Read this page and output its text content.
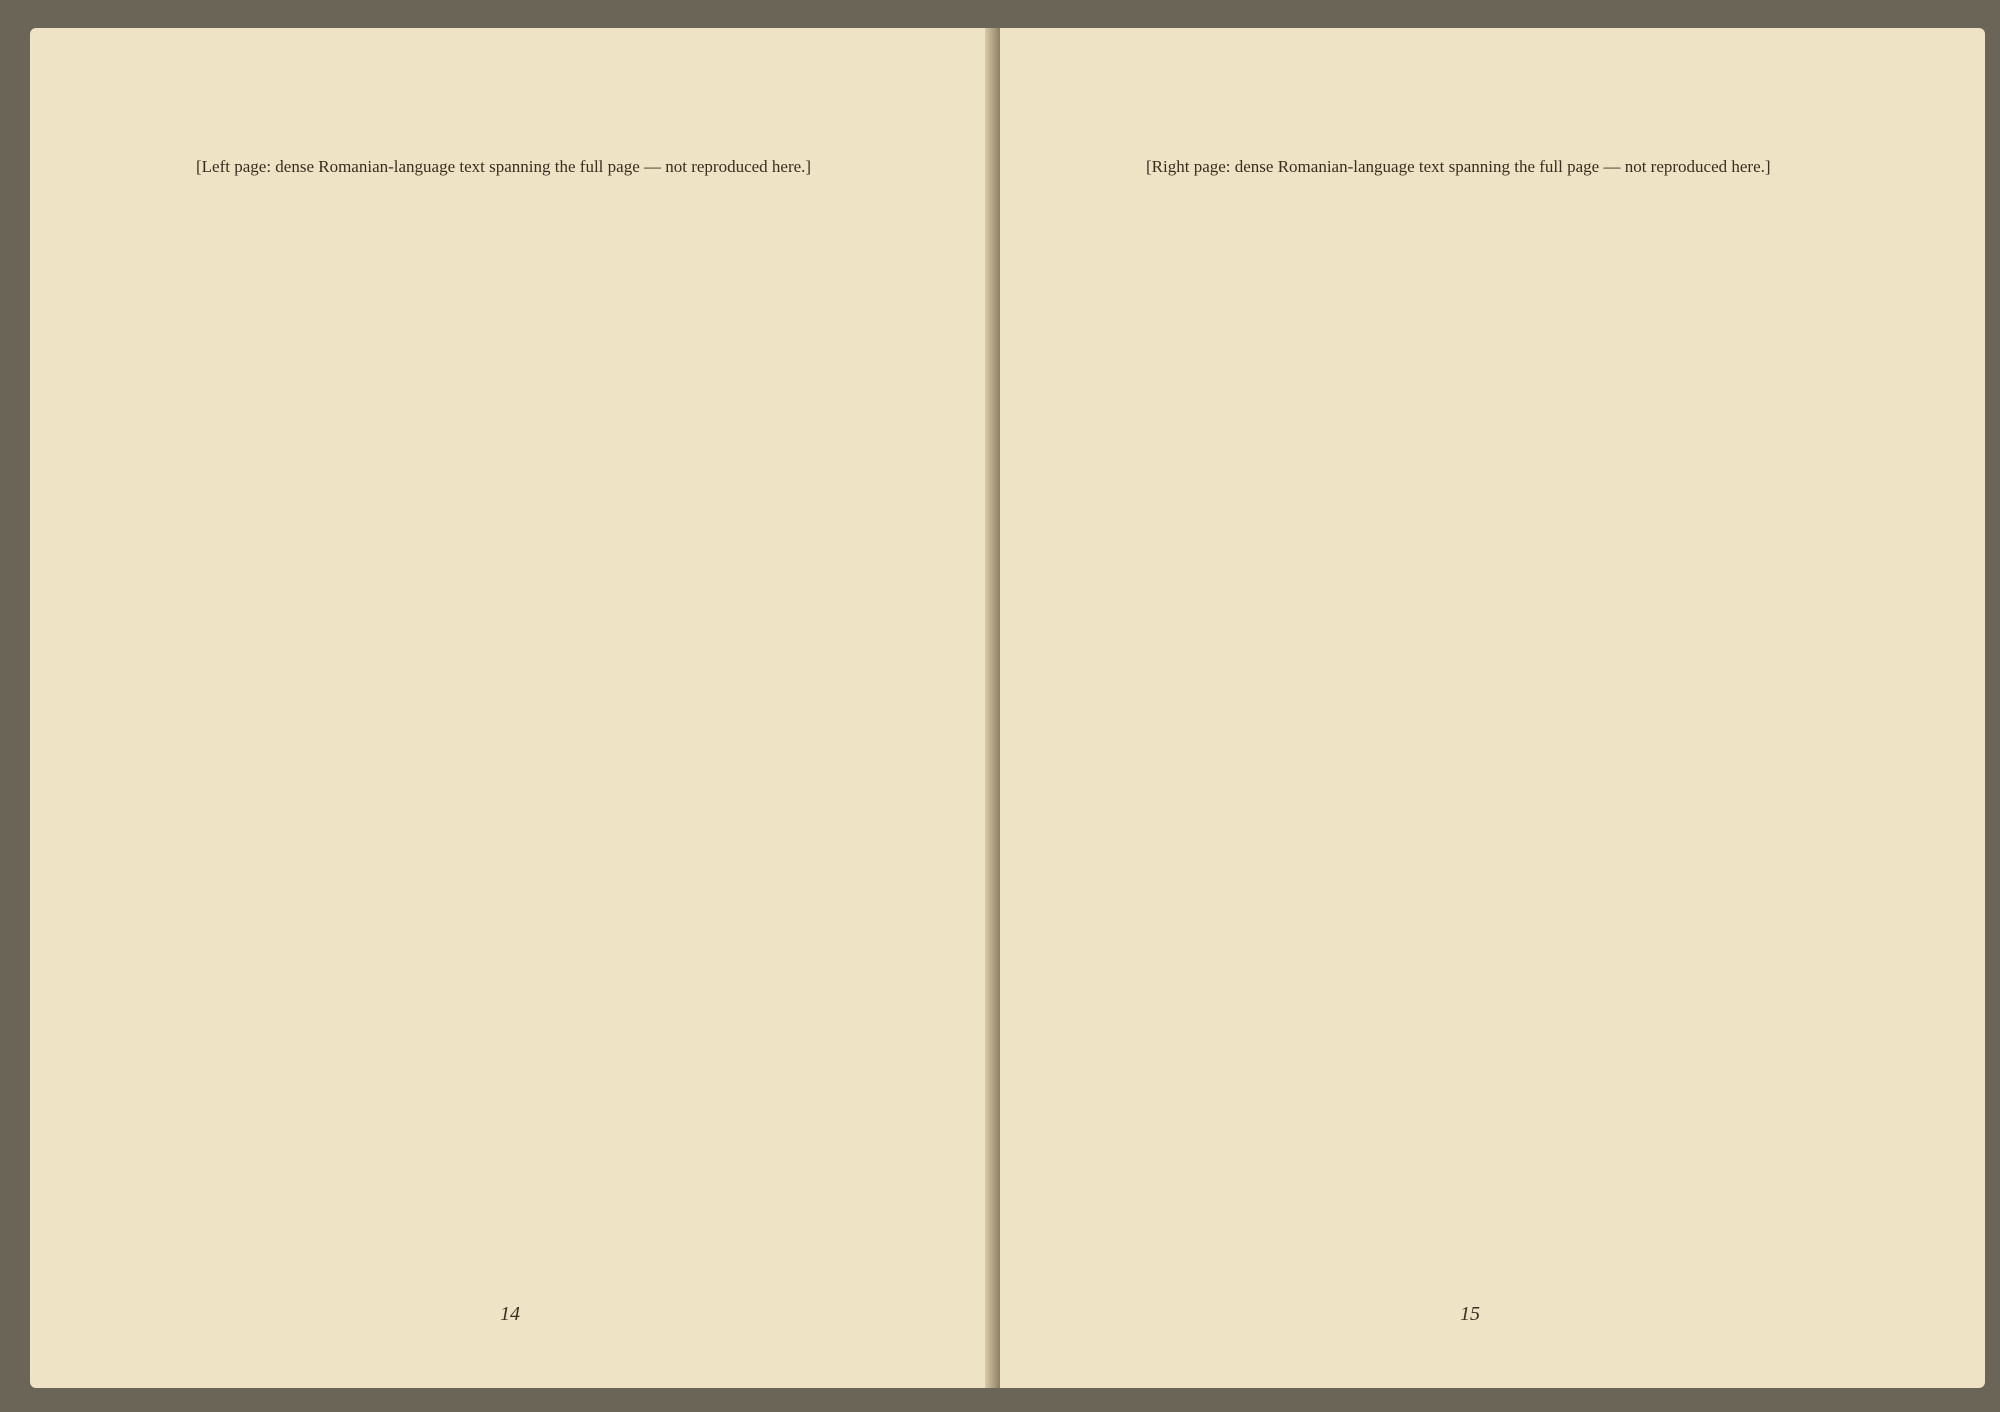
[Left page: dense Romanian-language text spanning the full page — not reproduced here.]

14

[Right page: dense Romanian-language text spanning the full page — not reproduced here.]

15
